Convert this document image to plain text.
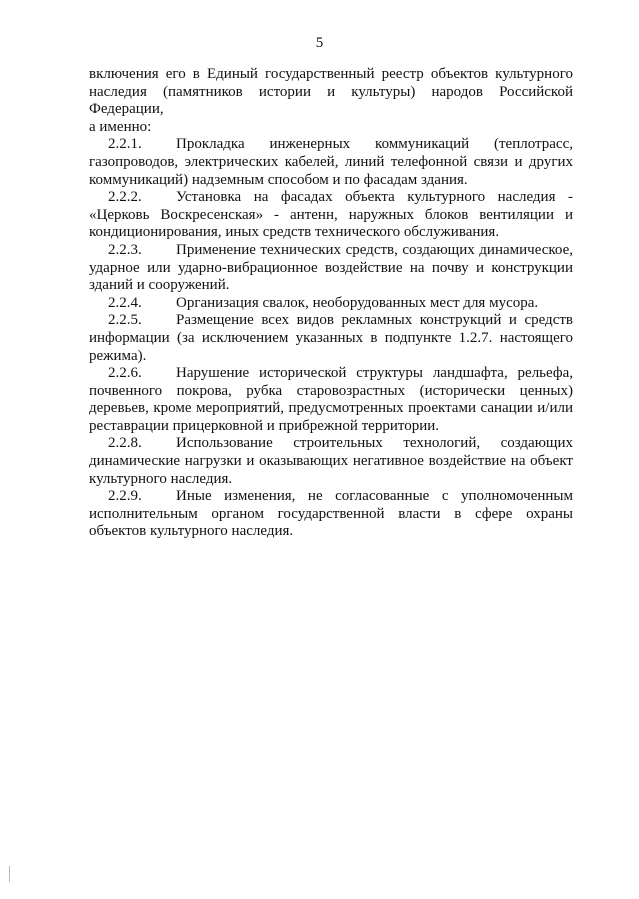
5

включения его в Единый государственный реестр объектов культурного наследия (памятников истории и культуры) народов Российской Федерации,
а именно:

2.2.1. Прокладка инженерных коммуникаций (теплотрасс, газопроводов, электрических кабелей, линий телефонной связи и других коммуникаций) надземным способом и по фасадам здания.

2.2.2. Установка на фасадах объекта культурного наследия - «Церковь Воскресенская» - антенн, наружных блоков вентиляции и кондиционирования, иных средств технического обслуживания.

2.2.3. Применение технических средств, создающих динамическое, ударное или ударно-вибрационное воздействие на почву и конструкции зданий и сооружений.

2.2.4. Организация свалок, необорудованных мест для мусора.

2.2.5. Размещение всех видов рекламных конструкций и средств информации (за исключением указанных в подпункте 1.2.7. настоящего режима).

2.2.6. Нарушение исторической структуры ландшафта, рельефа, почвенного покрова, рубка старовозрастных (исторически ценных) деревьев, кроме мероприятий, предусмотренных проектами санации и/или реставрации прицерковной и прибрежной территории.

2.2.8. Использование строительных технологий, создающих динамические нагрузки и оказывающих негативное воздействие на объект культурного наследия.

2.2.9. Иные изменения, не согласованные с уполномоченным исполнительным органом государственной власти в сфере охраны объектов культурного наследия.
